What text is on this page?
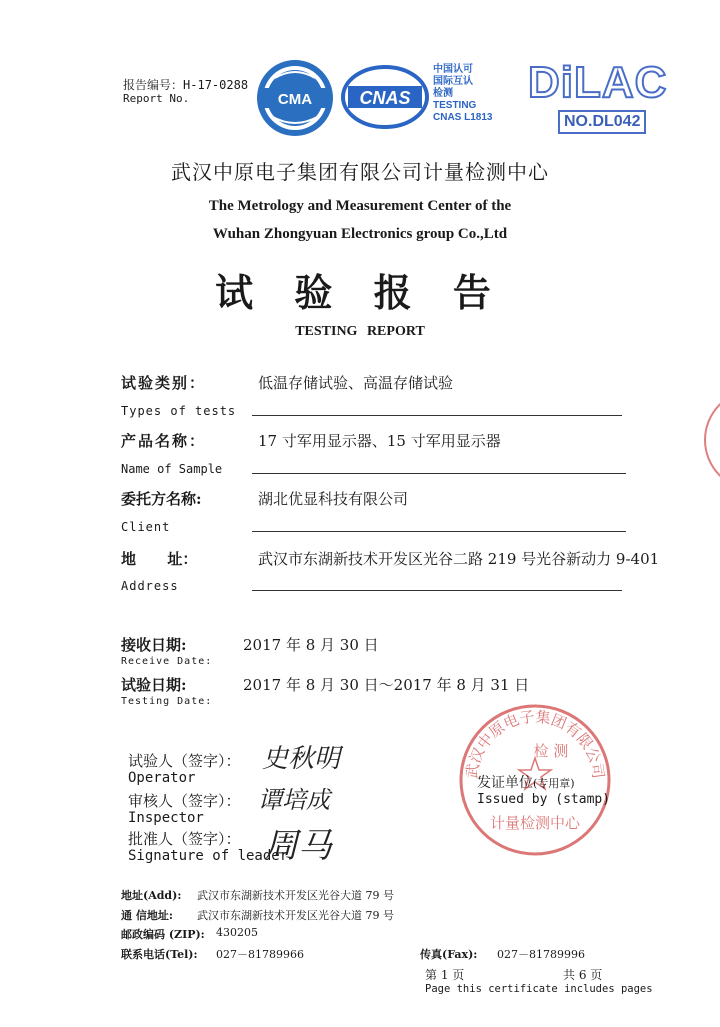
报告编号：H-17-0288
Report No.	CMA	CNAS
中国认可
国际互认
检测
TESTING
CNAS L1813
DiLAC
NO.DL042
武汉中原电子集团有限公司计量检测中心
The Metrology and Measurement Center of the
Wuhan Zhongyuan Electronics group Co.,Ltd
试 验 报 告
TESTING REPORT
试验类别：	低温存储试验、高温存储试验
Types of tests
产品名称：	17 寸军用显示器、15 寸军用显示器
Name of Sample
委托方名称:	湖北优显科技有限公司
Client
地      址：	武汉市东湖新技术开发区光谷二路 219 号光谷新动力 9-401
Address
接收日期:	2017 年 8 月 30 日
Receive Date:
试验日期:	2017 年 8 月 30 日～2017 年 8 月 31 日
Testing Date:
试验人（签字）：
Operator
史秋明
审核人（签字）：
Inspector
谭培成
批准人（签字）：
Signature of leader
周马
武汉中原电子集团有限公司
检 测
计量检测中心
发证单位(专用章)
Issued by (stamp)
地址(Add): 武汉市东湖新技术开发区光谷大道 79 号
通 信地址: 武汉市东湖新技术开发区光谷大道 79 号
邮政编码 (ZIP): 430205
联系电话(Tel): 027－81789966	传真(Fax): 027－81789996
第 1 页	共 6 页
Page this certificate includes pages
